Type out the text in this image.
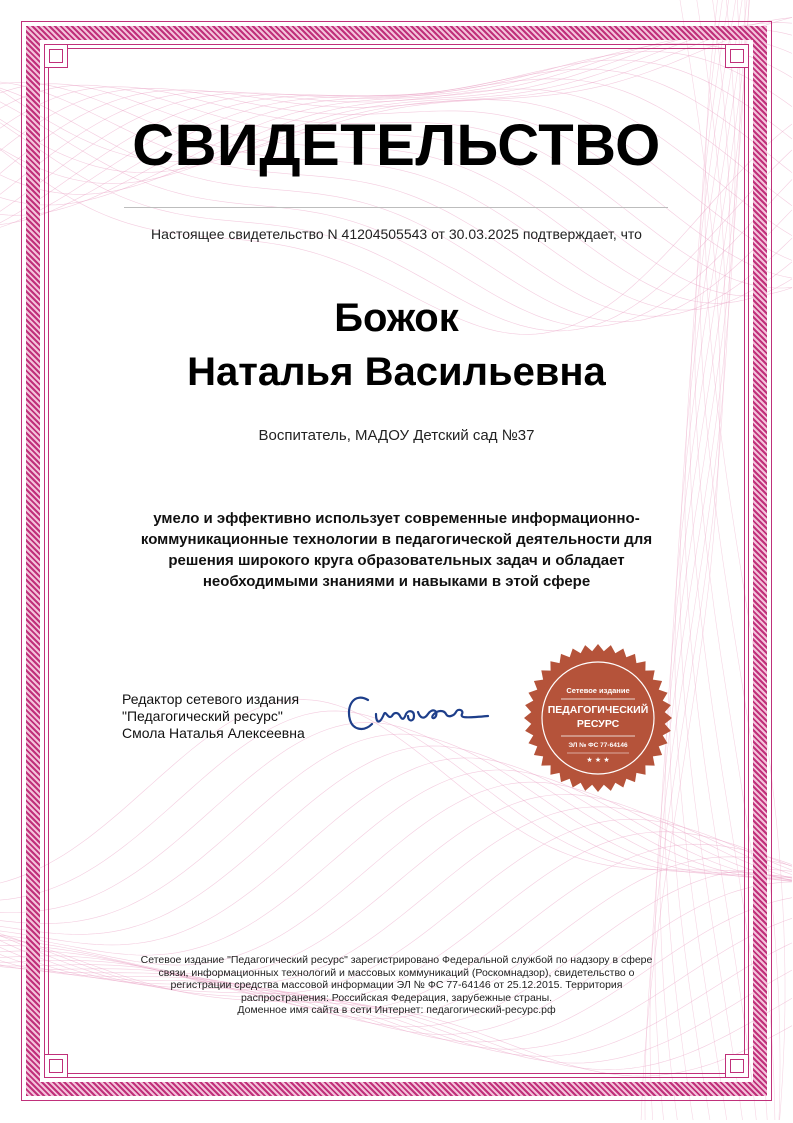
СВИДЕТЕЛЬСТВО
Настоящее свидетельство N 41204505543 от 30.03.2025 подтверждает, что
Божок
Наталья Васильевна
Воспитатель, МАДОУ Детский сад №37
умело и эффективно использует современные информационно-коммуникационные технологии в педагогической деятельности для решения широкого круга образовательных задач и обладает необходимыми знаниями и навыками в этой сфере
Редактор сетевого издания
"Педагогический ресурс"
Смола Наталья Алексеевна
Сетевое издание
ПЕДАГОГИЧЕСКИЙ
РЕСУРС
ЭЛ № ФС 77-64146
★ ★ ★
Сетевое издание "Педагогический ресурс" зарегистрировано Федеральной службой по надзору в сфере
связи, информационных технологий и массовых коммуникаций (Роскомнадзор), свидетельство о
регистрации средства массовой информации ЭЛ № ФС 77-64146 от 25.12.2015. Территория
распространения: Российская Федерация, зарубежные страны.
Доменное имя сайта в сети Интернет: педагогический-ресурс.рф
